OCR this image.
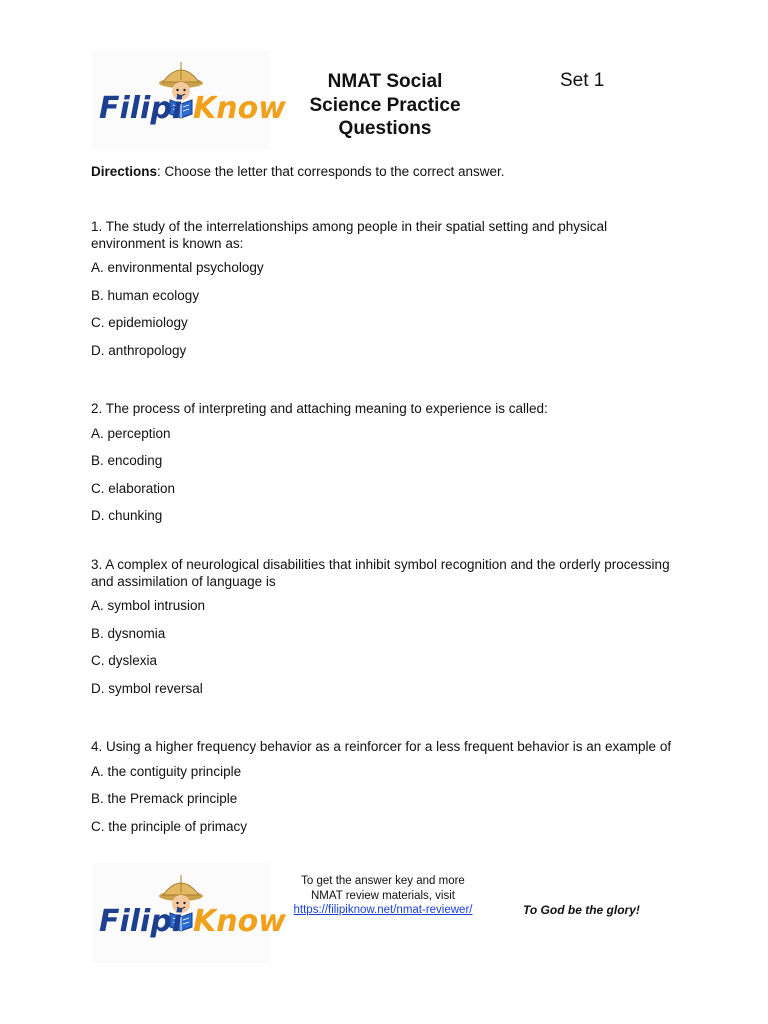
Filipi Know
NMAT Social Science Practice Questions
Set 1
Directions: Choose the letter that corresponds to the correct answer.
1. The study of the interrelationships among people in their spatial setting and physical environment is known as:
A. environmental psychology
B. human ecology
C. epidemiology
D. anthropology
2. The process of interpreting and attaching meaning to experience is called:
A. perception
B. encoding
C. elaboration
D. chunking
3. A complex of neurological disabilities that inhibit symbol recognition and the orderly processing and assimilation of language is
A. symbol intrusion
B. dysnomia
C. dyslexia
D. symbol reversal
4. Using a higher frequency behavior as a reinforcer for a less frequent behavior is an example of
A. the contiguity principle
B. the Premack principle
C. the principle of primacy
Filipi Know
To get the answer key and more
NMAT review materials, visit
https://filipiknow.net/nmat-reviewer/	To God be the glory!
